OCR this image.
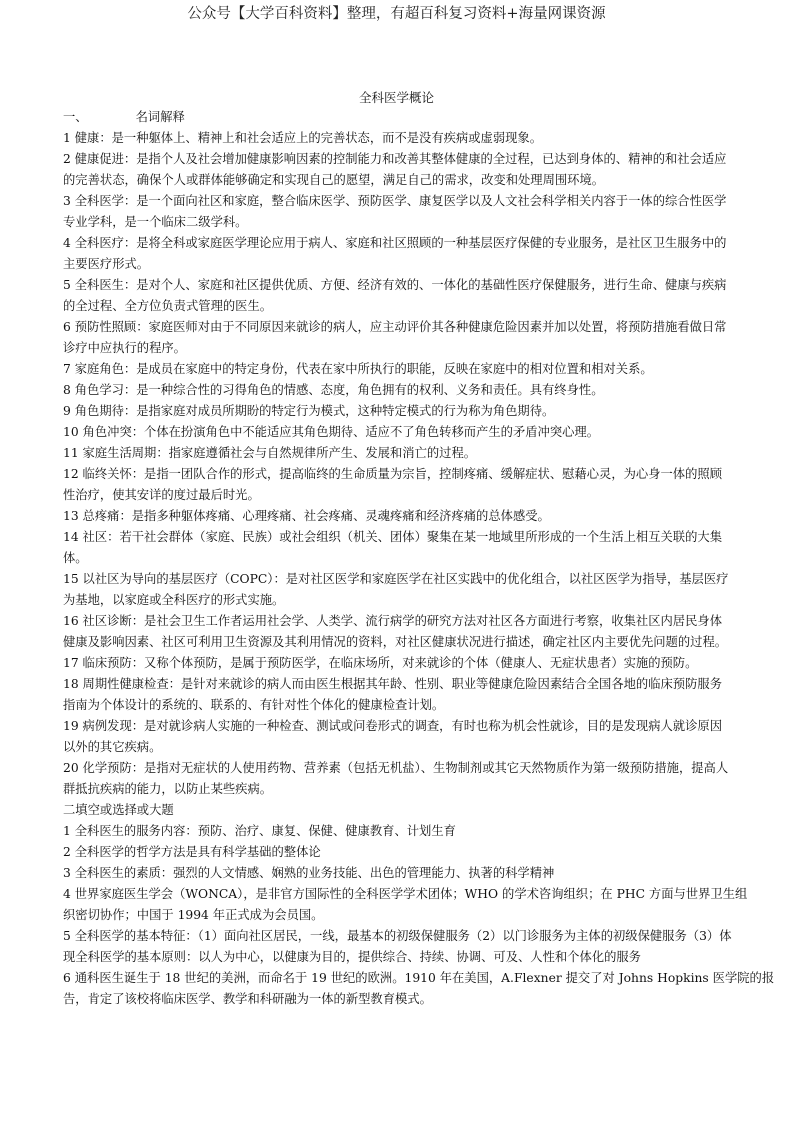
公众号【大学百科资料】整理，有超百科复习资料+海量网课资源
全科医学概论
一、	名词解释
1 健康：是一种躯体上、精神上和社会适应上的完善状态，而不是没有疾病或虚弱现象。
2 健康促进：是指个人及社会增加健康影响因素的控制能力和改善其整体健康的全过程，已达到身体的、精神的和社会适应
的完善状态，确保个人或群体能够确定和实现自己的愿望，满足自己的需求，改变和处理周围环境。
3 全科医学：是一个面向社区和家庭，整合临床医学、预防医学、康复医学以及人文社会科学相关内容于一体的综合性医学
专业学科，是一个临床二级学科。
4 全科医疗：是将全科或家庭医学理论应用于病人、家庭和社区照顾的一种基层医疗保健的专业服务，是社区卫生服务中的
主要医疗形式。
5 全科医生：是对个人、家庭和社区提供优质、方便、经济有效的、一体化的基础性医疗保健服务，进行生命、健康与疾病
的全过程、全方位负责式管理的医生。
6 预防性照顾：家庭医师对由于不同原因来就诊的病人，应主动评价其各种健康危险因素并加以处置，将预防措施看做日常
诊疗中应执行的程序。
7 家庭角色：是成员在家庭中的特定身份，代表在家中所执行的职能，反映在家庭中的相对位置和相对关系。
8 角色学习：是一种综合性的习得角色的情感、态度，角色拥有的权利、义务和责任。具有终身性。
9 角色期待：是指家庭对成员所期盼的特定行为模式，这种特定模式的行为称为角色期待。
10 角色冲突：个体在扮演角色中不能适应其角色期待、适应不了角色转移而产生的矛盾冲突心理。
11 家庭生活周期：指家庭遵循社会与自然规律所产生、发展和消亡的过程。
12 临终关怀：是指一团队合作的形式，提高临终的生命质量为宗旨，控制疼痛、缓解症状、慰藉心灵，为心身一体的照顾
性治疗，使其安详的度过最后时光。
13 总疼痛：是指多种躯体疼痛、心理疼痛、社会疼痛、灵魂疼痛和经济疼痛的总体感受。
14 社区：若干社会群体（家庭、民族）或社会组织（机关、团体）聚集在某一地域里所形成的一个生活上相互关联的大集
体。
15 以社区为导向的基层医疗（COPC）：是对社区医学和家庭医学在社区实践中的优化组合，以社区医学为指导，基层医疗
为基地，以家庭或全科医疗的形式实施。
16 社区诊断：是社会卫生工作者运用社会学、人类学、流行病学的研究方法对社区各方面进行考察，收集社区内居民身体
健康及影响因素、社区可利用卫生资源及其利用情况的资料，对社区健康状况进行描述，确定社区内主要优先问题的过程。
17 临床预防：又称个体预防，是属于预防医学，在临床场所，对来就诊的个体（健康人、无症状患者）实施的预防。
18 周期性健康检查：是针对来就诊的病人而由医生根据其年龄、性别、职业等健康危险因素结合全国各地的临床预防服务
指南为个体设计的系统的、联系的、有针对性个体化的健康检查计划。
19 病例发现：是对就诊病人实施的一种检查、测试或问卷形式的调查，有时也称为机会性就诊，目的是发现病人就诊原因
以外的其它疾病。
20 化学预防：是指对无症状的人使用药物、营养素（包括无机盐）、生物制剂或其它天然物质作为第一级预防措施，提高人
群抵抗疾病的能力，以防止某些疾病。
二填空或选择或大题
1 全科医生的服务内容：预防、治疗、康复、保健、健康教育、计划生育
2 全科医学的哲学方法是具有科学基础的整体论
3 全科医生的素质：强烈的人文情感、娴熟的业务技能、出色的管理能力、执著的科学精神
4 世界家庭医生学会（WONCA），是非官方国际性的全科医学学术团体；WHO 的学术咨询组织；在 PHC 方面与世界卫生组
织密切协作；中国于 1994 年正式成为会员国。
5 全科医学的基本特征：（1）面向社区居民，一线，最基本的初级保健服务（2）以门诊服务为主体的初级保健服务（3）体
现全科医学的基本原则：以人为中心，以健康为目的，提供综合、持续、协调、可及、人性和个体化的服务
6 通科医生诞生于 18 世纪的美洲，而命名于 19 世纪的欧洲。1910 年在美国，A.Flexner 提交了对 Johns Hopkins 医学院的报
告，肯定了该校将临床医学、教学和科研融为一体的新型教育模式。
